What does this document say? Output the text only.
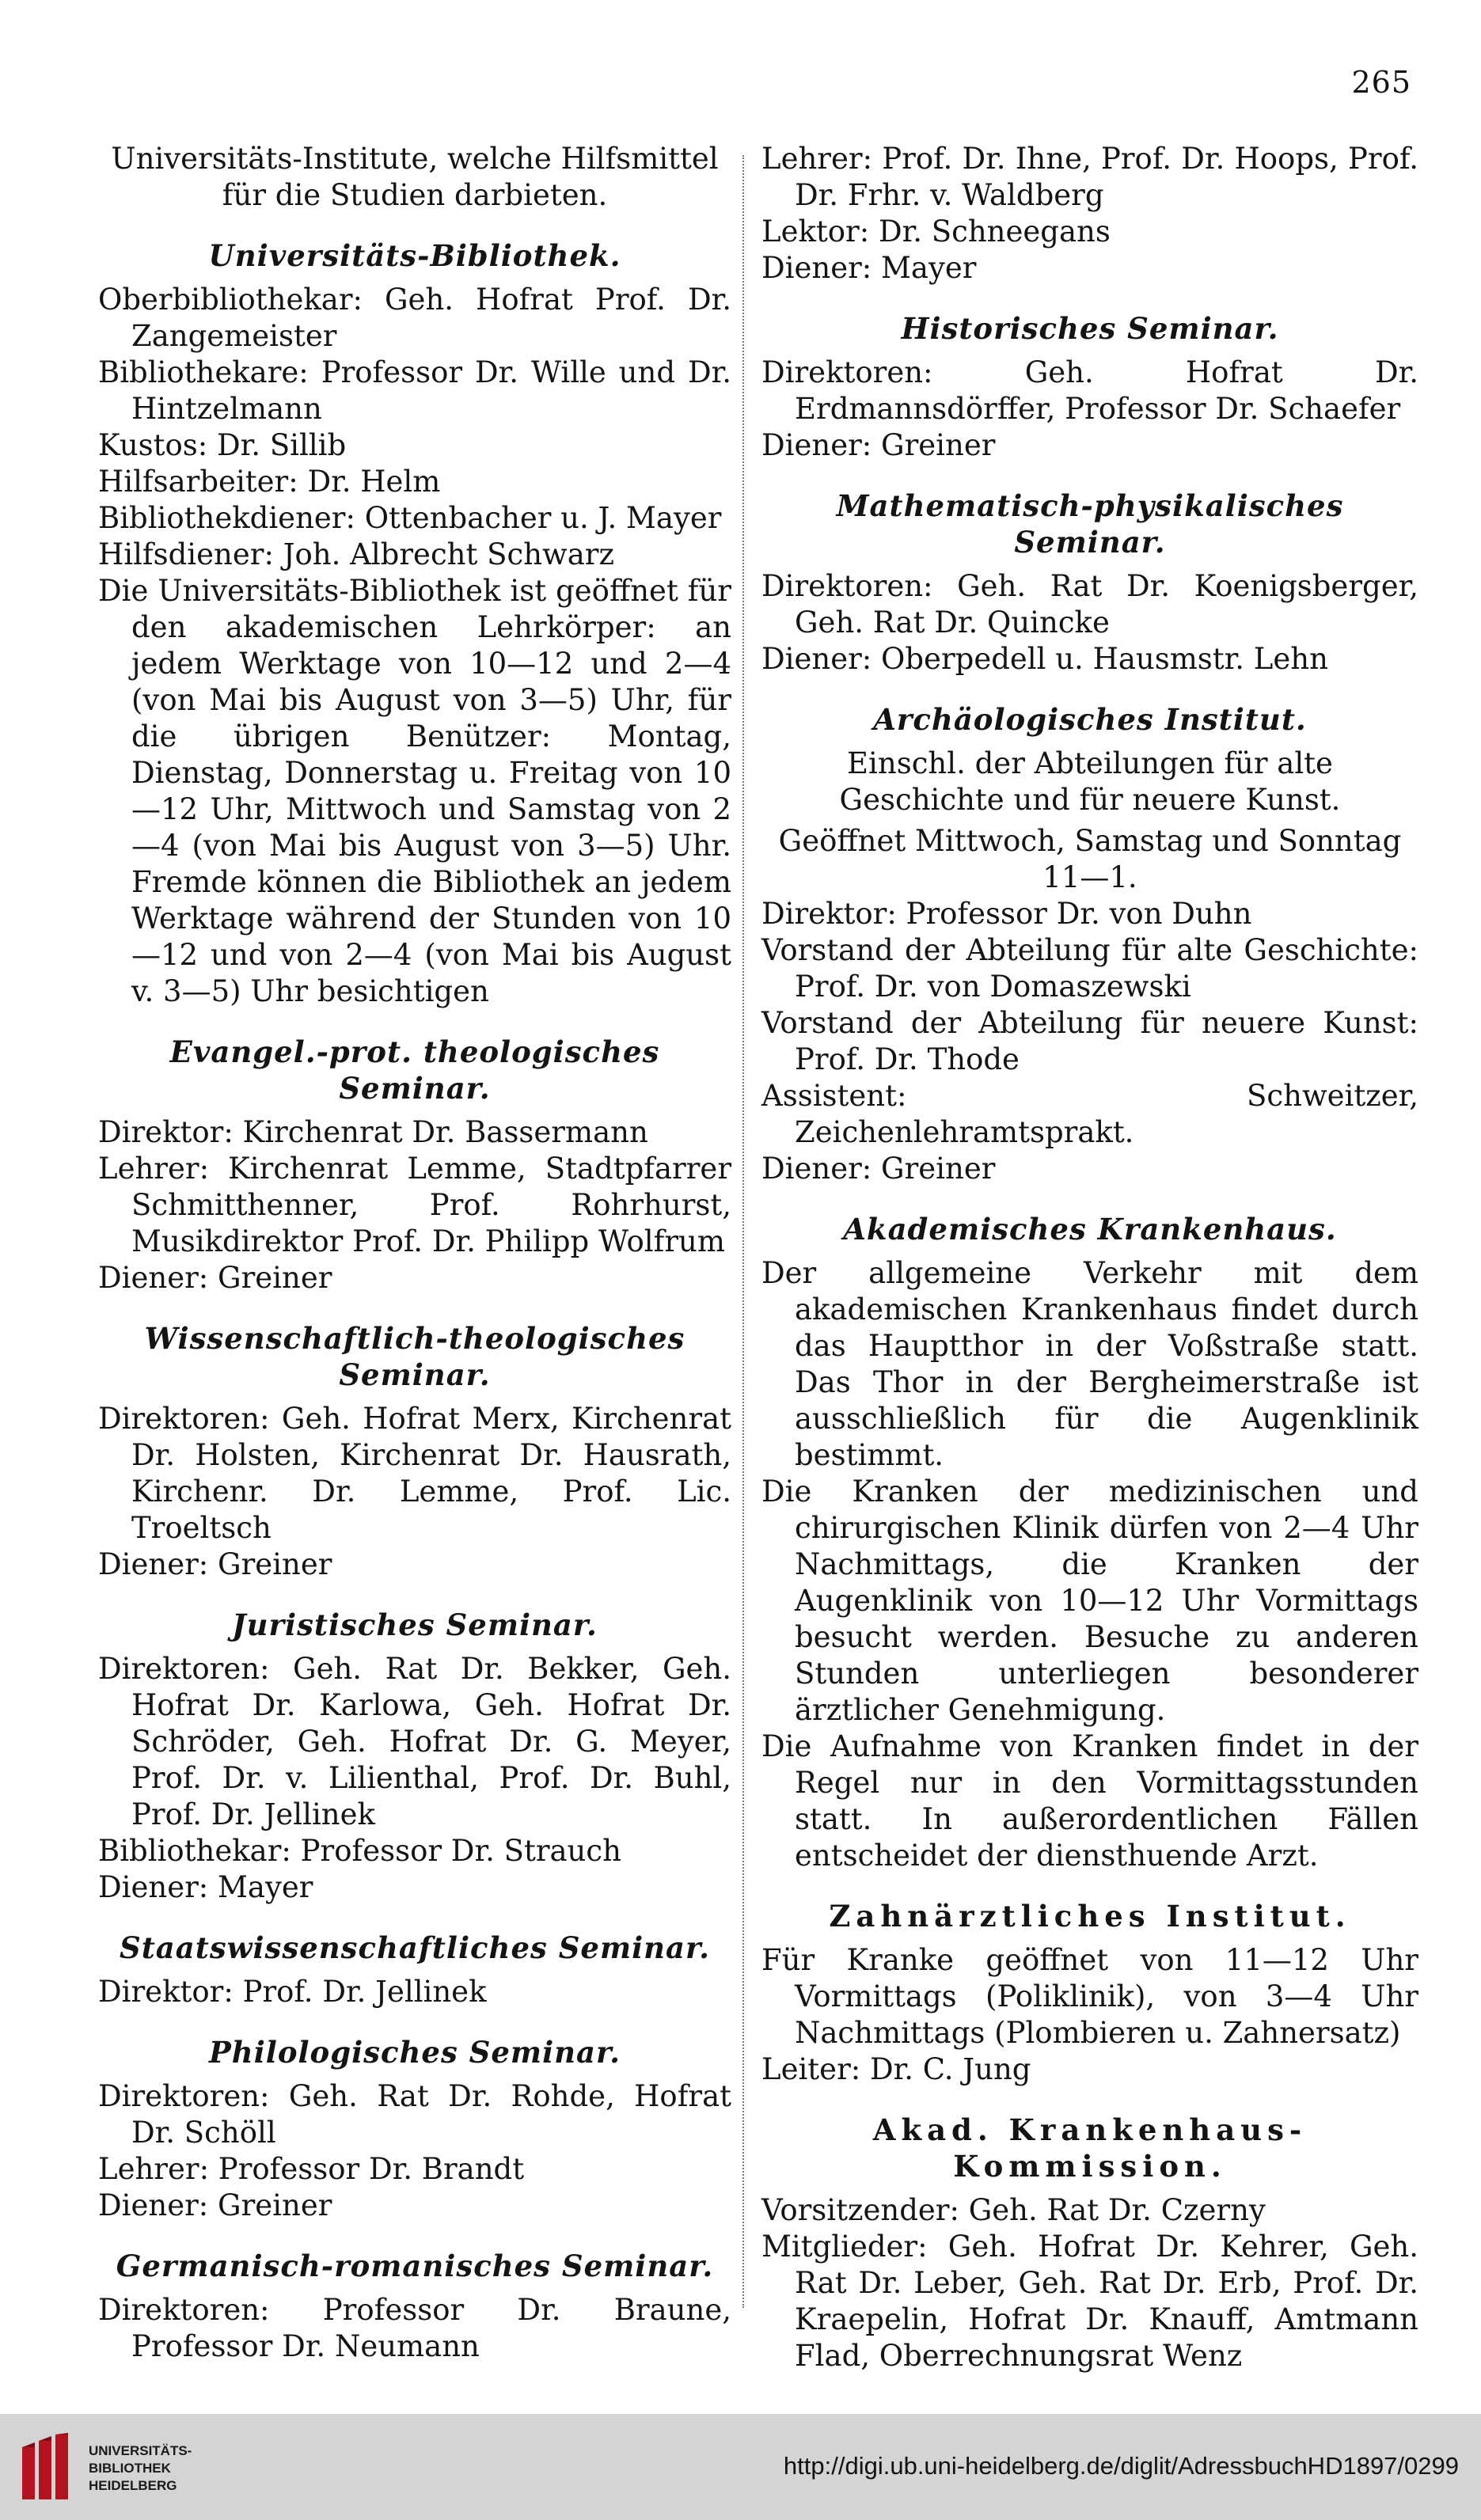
265

Universitäts-Institute, welche Hilfsmittel für die Studien darbieten.

Universitäts-Bibliothek.

Oberbibliothekar: Geh. Hofrat Prof. Dr. Zangemeister

Bibliothekare: Professor Dr. Wille und Dr. Hintzelmann

Kustos: Dr. Sillib

Hilfsarbeiter: Dr. Helm

Bibliothekdiener: Ottenbacher u. J. Mayer

Hilfsdiener: Joh. Albrecht Schwarz

Die Universitäts-Bibliothek ist geöffnet für den akademischen Lehrkörper: an jedem Werktage von 10—12 und 2—4 (von Mai bis August von 3—5) Uhr, für die übrigen Benützer: Montag, Dienstag, Donnerstag u. Freitag von 10—12 Uhr, Mittwoch und Samstag von 2—4 (von Mai bis August von 3—5) Uhr. Fremde können die Bibliothek an jedem Werktage während der Stunden von 10—12 und von 2—4 (von Mai bis August v. 3—5) Uhr besichtigen

Evangel.-prot. theologisches Seminar.

Direktor: Kirchenrat Dr. Bassermann

Lehrer: Kirchenrat Lemme, Stadtpfarrer Schmitthenner, Prof. Rohrhurst, Musikdirektor Prof. Dr. Philipp Wolfrum

Diener: Greiner

Wissenschaftlich-theologisches Seminar.

Direktoren: Geh. Hofrat Merx, Kirchenrat Dr. Holsten, Kirchenrat Dr. Hausrath, Kirchenr. Dr. Lemme, Prof. Lic. Troeltsch

Diener: Greiner

Juristisches Seminar.

Direktoren: Geh. Rat Dr. Bekker, Geh. Hofrat Dr. Karlowa, Geh. Hofrat Dr. Schröder, Geh. Hofrat Dr. G. Meyer, Prof. Dr. v. Lilienthal, Prof. Dr. Buhl, Prof. Dr. Jellinek

Bibliothekar: Professor Dr. Strauch

Diener: Mayer

Staatswissenschaftliches Seminar.

Direktor: Prof. Dr. Jellinek

Philologisches Seminar.

Direktoren: Geh. Rat Dr. Rohde, Hofrat Dr. Schöll

Lehrer: Professor Dr. Brandt

Diener: Greiner

Germanisch-romanisches Seminar.

Direktoren: Professor Dr. Braune, Professor Dr. Neumann

Lehrer: Prof. Dr. Ihne, Prof. Dr. Hoops, Prof. Dr. Frhr. v. Waldberg

Lektor: Dr. Schneegans

Diener: Mayer

Historisches Seminar.

Direktoren: Geh. Hofrat Dr. Erdmannsdörffer, Professor Dr. Schaefer

Diener: Greiner

Mathematisch-physikalisches Seminar.

Direktoren: Geh. Rat Dr. Koenigsberger, Geh. Rat Dr. Quincke

Diener: Oberpedell u. Hausmstr. Lehn

Archäologisches Institut.

Einschl. der Abteilungen für alte Geschichte und für neuere Kunst.

Geöffnet Mittwoch, Samstag und Sonntag 11—1.

Direktor: Professor Dr. von Duhn

Vorstand der Abteilung für alte Geschichte: Prof. Dr. von Domaszewski

Vorstand der Abteilung für neuere Kunst: Prof. Dr. Thode

Assistent: Schweitzer, Zeichenlehramtsprakt.

Diener: Greiner

Akademisches Krankenhaus.

Der allgemeine Verkehr mit dem akademischen Krankenhaus findet durch das Hauptthor in der Voßstraße statt. Das Thor in der Bergheimerstraße ist ausschließlich für die Augenklinik bestimmt.

Die Kranken der medizinischen und chirurgischen Klinik dürfen von 2—4 Uhr Nachmittags, die Kranken der Augenklinik von 10—12 Uhr Vormittags besucht werden. Besuche zu anderen Stunden unterliegen besonderer ärztlicher Genehmigung.

Die Aufnahme von Kranken findet in der Regel nur in den Vormittagsstunden statt. In außerordentlichen Fällen entscheidet der diensthuende Arzt.

Zahnärztliches Institut.

Für Kranke geöffnet von 11—12 Uhr Vormittags (Poliklinik), von 3—4 Uhr Nachmittags (Plombieren u. Zahnersatz)

Leiter: Dr. C. Jung

Akad. Krankenhaus-Kommission.

Vorsitzender: Geh. Rat Dr. Czerny

Mitglieder: Geh. Hofrat Dr. Kehrer, Geh. Rat Dr. Leber, Geh. Rat Dr. Erb, Prof. Dr. Kraepelin, Hofrat Dr. Knauff, Amtmann Flad, Oberrechnungsrat Wenz

UNIVERSITÄTS-
BIBLIOTHEK
HEIDELBERG
http://digi.ub.uni-heidelberg.de/diglit/AdressbuchHD1897/0299
